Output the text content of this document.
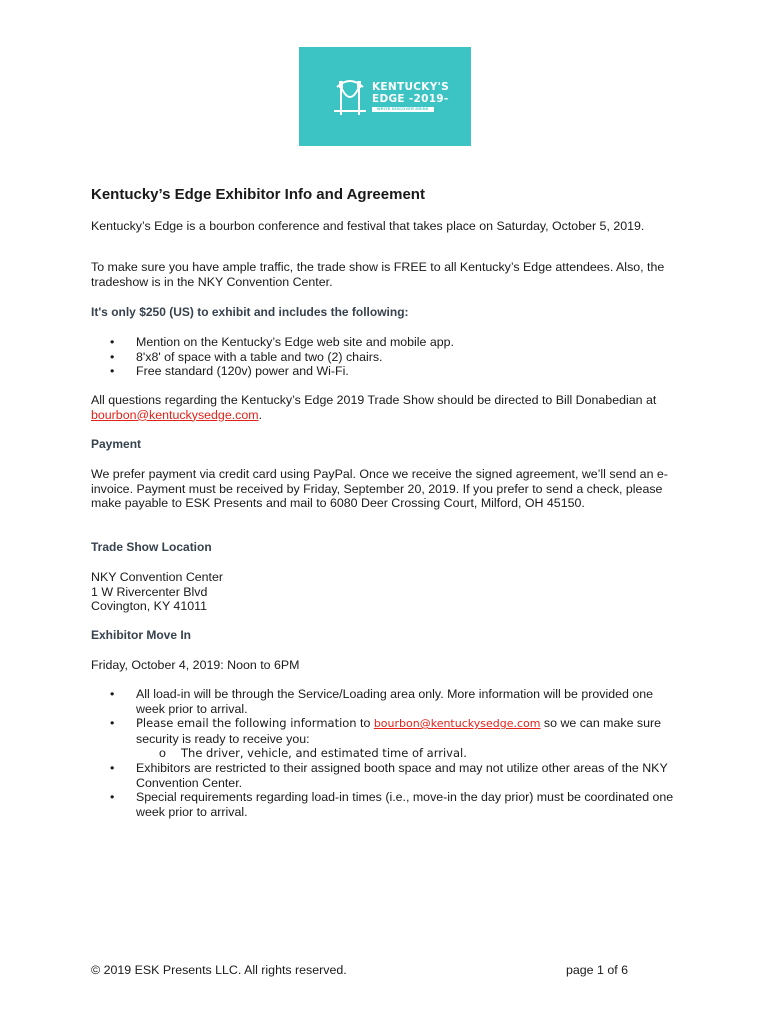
KENTUCKY'S
EDGE -2019-
WRITE DISCOVER DRINK
Kentucky’s Edge Exhibitor Info and Agreement

Kentucky’s Edge is a bourbon conference and festival that takes place on Saturday, October 5, 2019.

To make sure you have ample traffic, the trade show is FREE to all Kentucky’s Edge attendees. Also, the tradeshow is in the NKY Convention Center.

It's only $250 (US) to exhibit and includes the following:

• Mention on the Kentucky’s Edge web site and mobile app.
• 8'x8' of space with a table and two (2) chairs.
• Free standard (120v) power and Wi-Fi.

All questions regarding the Kentucky’s Edge 2019 Trade Show should be directed to Bill Donabedian at bourbon@kentuckysedge.com.

Payment

We prefer payment via credit card using PayPal. Once we receive the signed agreement, we’ll send an e-invoice. Payment must be received by Friday, September 20, 2019. If you prefer to send a check, please make payable to ESK Presents and mail to 6080 Deer Crossing Court, Milford, OH 45150.

Trade Show Location

NKY Convention Center
1 W Rivercenter Blvd
Covington, KY 41011

Exhibitor Move In

Friday, October 4, 2019: Noon to 6PM

• All load-in will be through the Service/Loading area only. More information will be provided one week prior to arrival.
• Please email the following information to bourbon@kentuckysedge.com so we can make sure security is ready to receive you:
o The driver, vehicle, and estimated time of arrival.
• Exhibitors are restricted to their assigned booth space and may not utilize other areas of the NKY Convention Center.
• Special requirements regarding load-in times (i.e., move-in the day prior) must be coordinated one week prior to arrival.

© 2019 ESK Presents LLC. All rights reserved.	page 1 of 6
